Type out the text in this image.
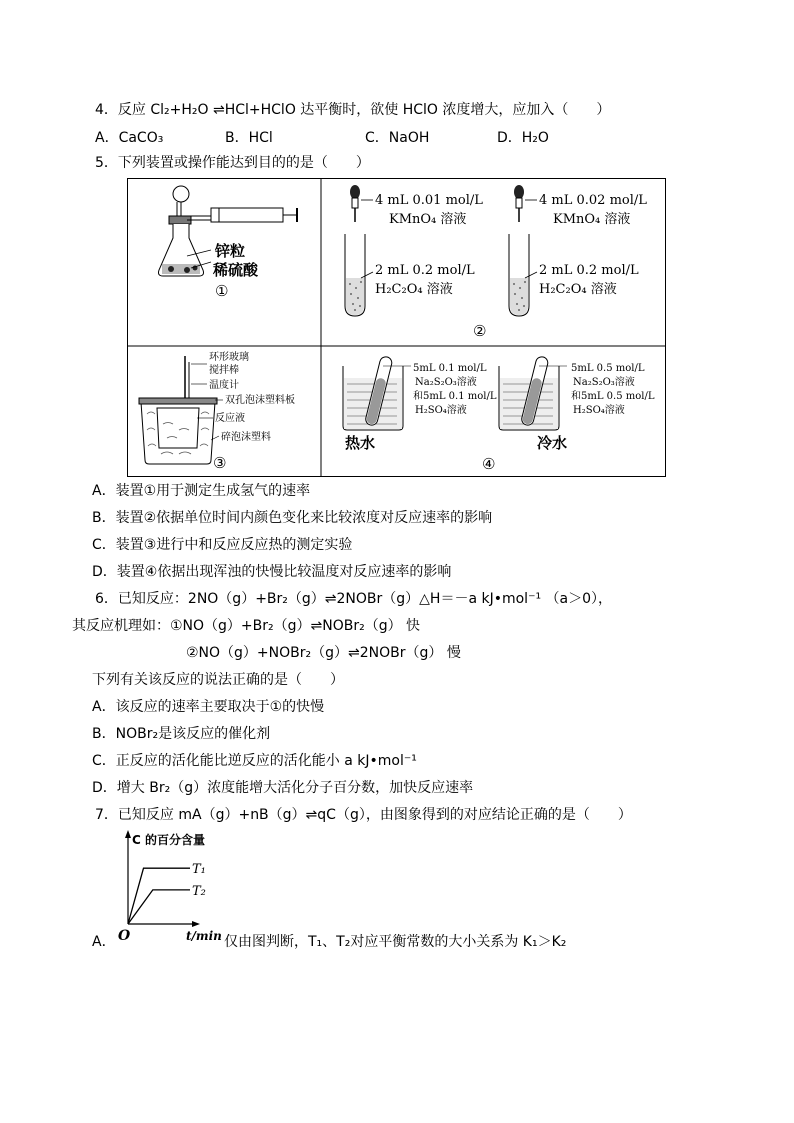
4．反应 Cl₂+H₂O ⇌HCl+HClO 达平衡时，欲使 HClO 浓度增大，应加入（　　）
A．CaCO₃	B．HCl	C．NaOH	D．H₂O
5．下列装置或操作能达到目的的是（　　）
锌粒
稀硫酸
①
4 mL 0.01 mol/L
KMnO₄ 溶液
2 mL 0.2 mol/L
H₂C₂O₄ 溶液
4 mL 0.02 mol/L
KMnO₄ 溶液
2 mL 0.2 mol/L
H₂C₂O₄ 溶液
②
环形玻璃
搅拌棒
温度计
双孔泡沫塑料板
反应液
碎泡沫塑料
③
5mL 0.1 mol/L
Na₂S₂O₃溶液
和5mL 0.1 mol/L
H₂SO₄溶液
热水
5mL 0.5 mol/L
Na₂S₂O₃溶液
和5mL 0.5 mol/L
H₂SO₄溶液
冷水
④
A．装置①用于测定生成氢气的速率
B．装置②依据单位时间内颜色变化来比较浓度对反应速率的影响
C．装置③进行中和反应反应热的测定实验
D．装置④依据出现浑浊的快慢比较温度对反应速率的影响
6．已知反应：2NO（g）+Br₂（g）⇌2NOBr（g）△H＝－a kJ•mol⁻¹ （a＞0），
其反应机理如：①NO（g）+Br₂（g）⇌NOBr₂（g） 快
②NO（g）+NOBr₂（g）⇌2NOBr（g） 慢
下列有关该反应的说法正确的是（　　）
A．该反应的速率主要取决于①的快慢
B．NOBr₂是该反应的催化剂
C．正反应的活化能比逆反应的活化能小 a kJ•mol⁻¹
D．增大 Br₂（g）浓度能增大活化分子百分数，加快反应速率
7．已知反应 mA（g）+nB（g）⇌qC（g），由图象得到的对应结论正确的是（　　）
C 的百分含量
O	t/min
T₁
T₂
A．	仅由图判断，T₁、T₂对应平衡常数的大小关系为 K₁＞K₂
